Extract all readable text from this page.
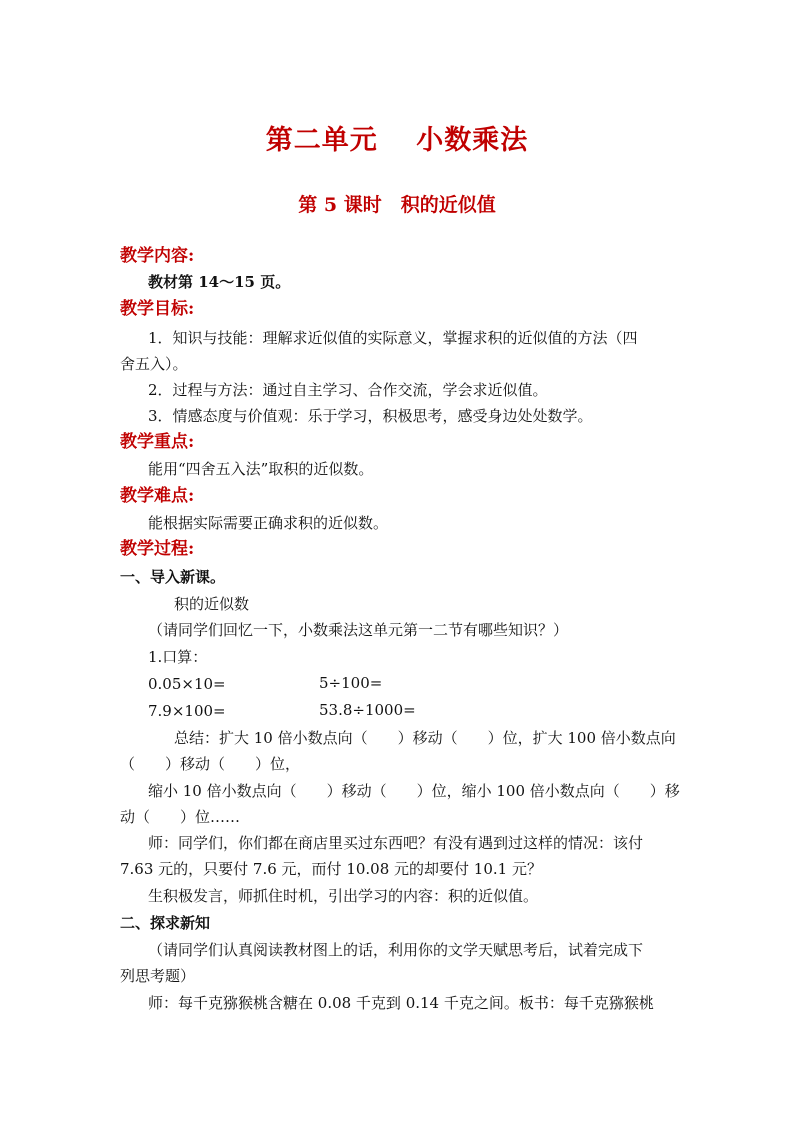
第二单元　 小数乘法
第 5 课时　积的近似值
教学内容:
教材第 14～15 页。
教学目标:
1．知识与技能：理解求近似值的实际意义，掌握求积的近似值的方法（四
舍五入）。
2．过程与方法：通过自主学习、合作交流，学会求近似值。
3．情感态度与价值观：乐于学习，积极思考，感受身边处处数学。
教学重点:
能用“四舍五入法”取积的近似数。
教学难点:
能根据实际需要正确求积的近似数。
教学过程:
一、导入新课。
积的近似数
（请同学们回忆一下，小数乘法这单元第一二节有哪些知识？）
1.口算：
0.05×10=	5÷100=
7.9×100=	53.8÷1000=
总结：扩大 10 倍小数点向（　　）移动（　　）位，扩大 100 倍小数点向
（　　）移动（　　）位，
缩小 10 倍小数点向（　　）移动（　　）位，缩小 100 倍小数点向（　　）移
动（　　）位……
师：同学们，你们都在商店里买过东西吧？有没有遇到过这样的情况：该付
7.63 元的，只要付 7.6 元，而付 10.08 元的却要付 10.1 元？
生积极发言，师抓住时机，引出学习的内容：积的近似值。
二、探求新知
（请同学们认真阅读教材图上的话，利用你的文学天赋思考后，试着完成下
列思考题）
师：每千克猕猴桃含糖在 0.08 千克到 0.14 千克之间。板书：每千克猕猴桃
